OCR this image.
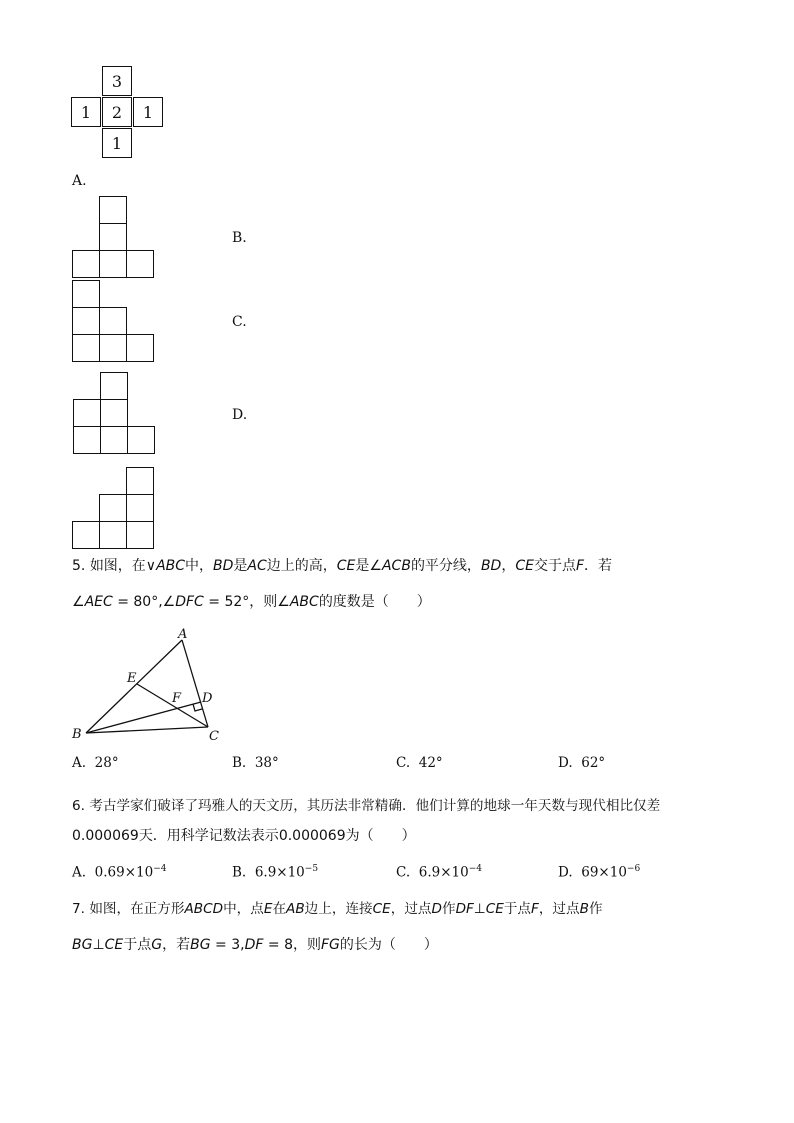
3
1	2	1
1
A.
B.
C.
D.
5. 如图，在∨ABC中，BD是AC边上的高，CE是∠ACB的平分线，BD，CE交于点F．若
∠AEC = 80°,∠DFC = 52°，则∠ABC的度数是（　　）
A
B	C
D
E
F
A. 28°	B. 38°	C. 42°	D. 62°
6. 考古学家们破译了玛雅人的天文历，其历法非常精确．他们计算的地球一年天数与现代相比仅差
0.000069天．用科学记数法表示0.000069为（　　）
A. $0.69\times 10^{-4}$	B. $6.9\times 10^{-5}$	C. $6.9\times 10^{-4}$	D. $69\times 10^{-6}$
7. 如图，在正方形ABCD中，点E在AB边上，连接CE，过点D作DF⊥CE于点F，过点B作
BG⊥CE于点G，若BG = 3,DF = 8，则FG的长为（　　）
